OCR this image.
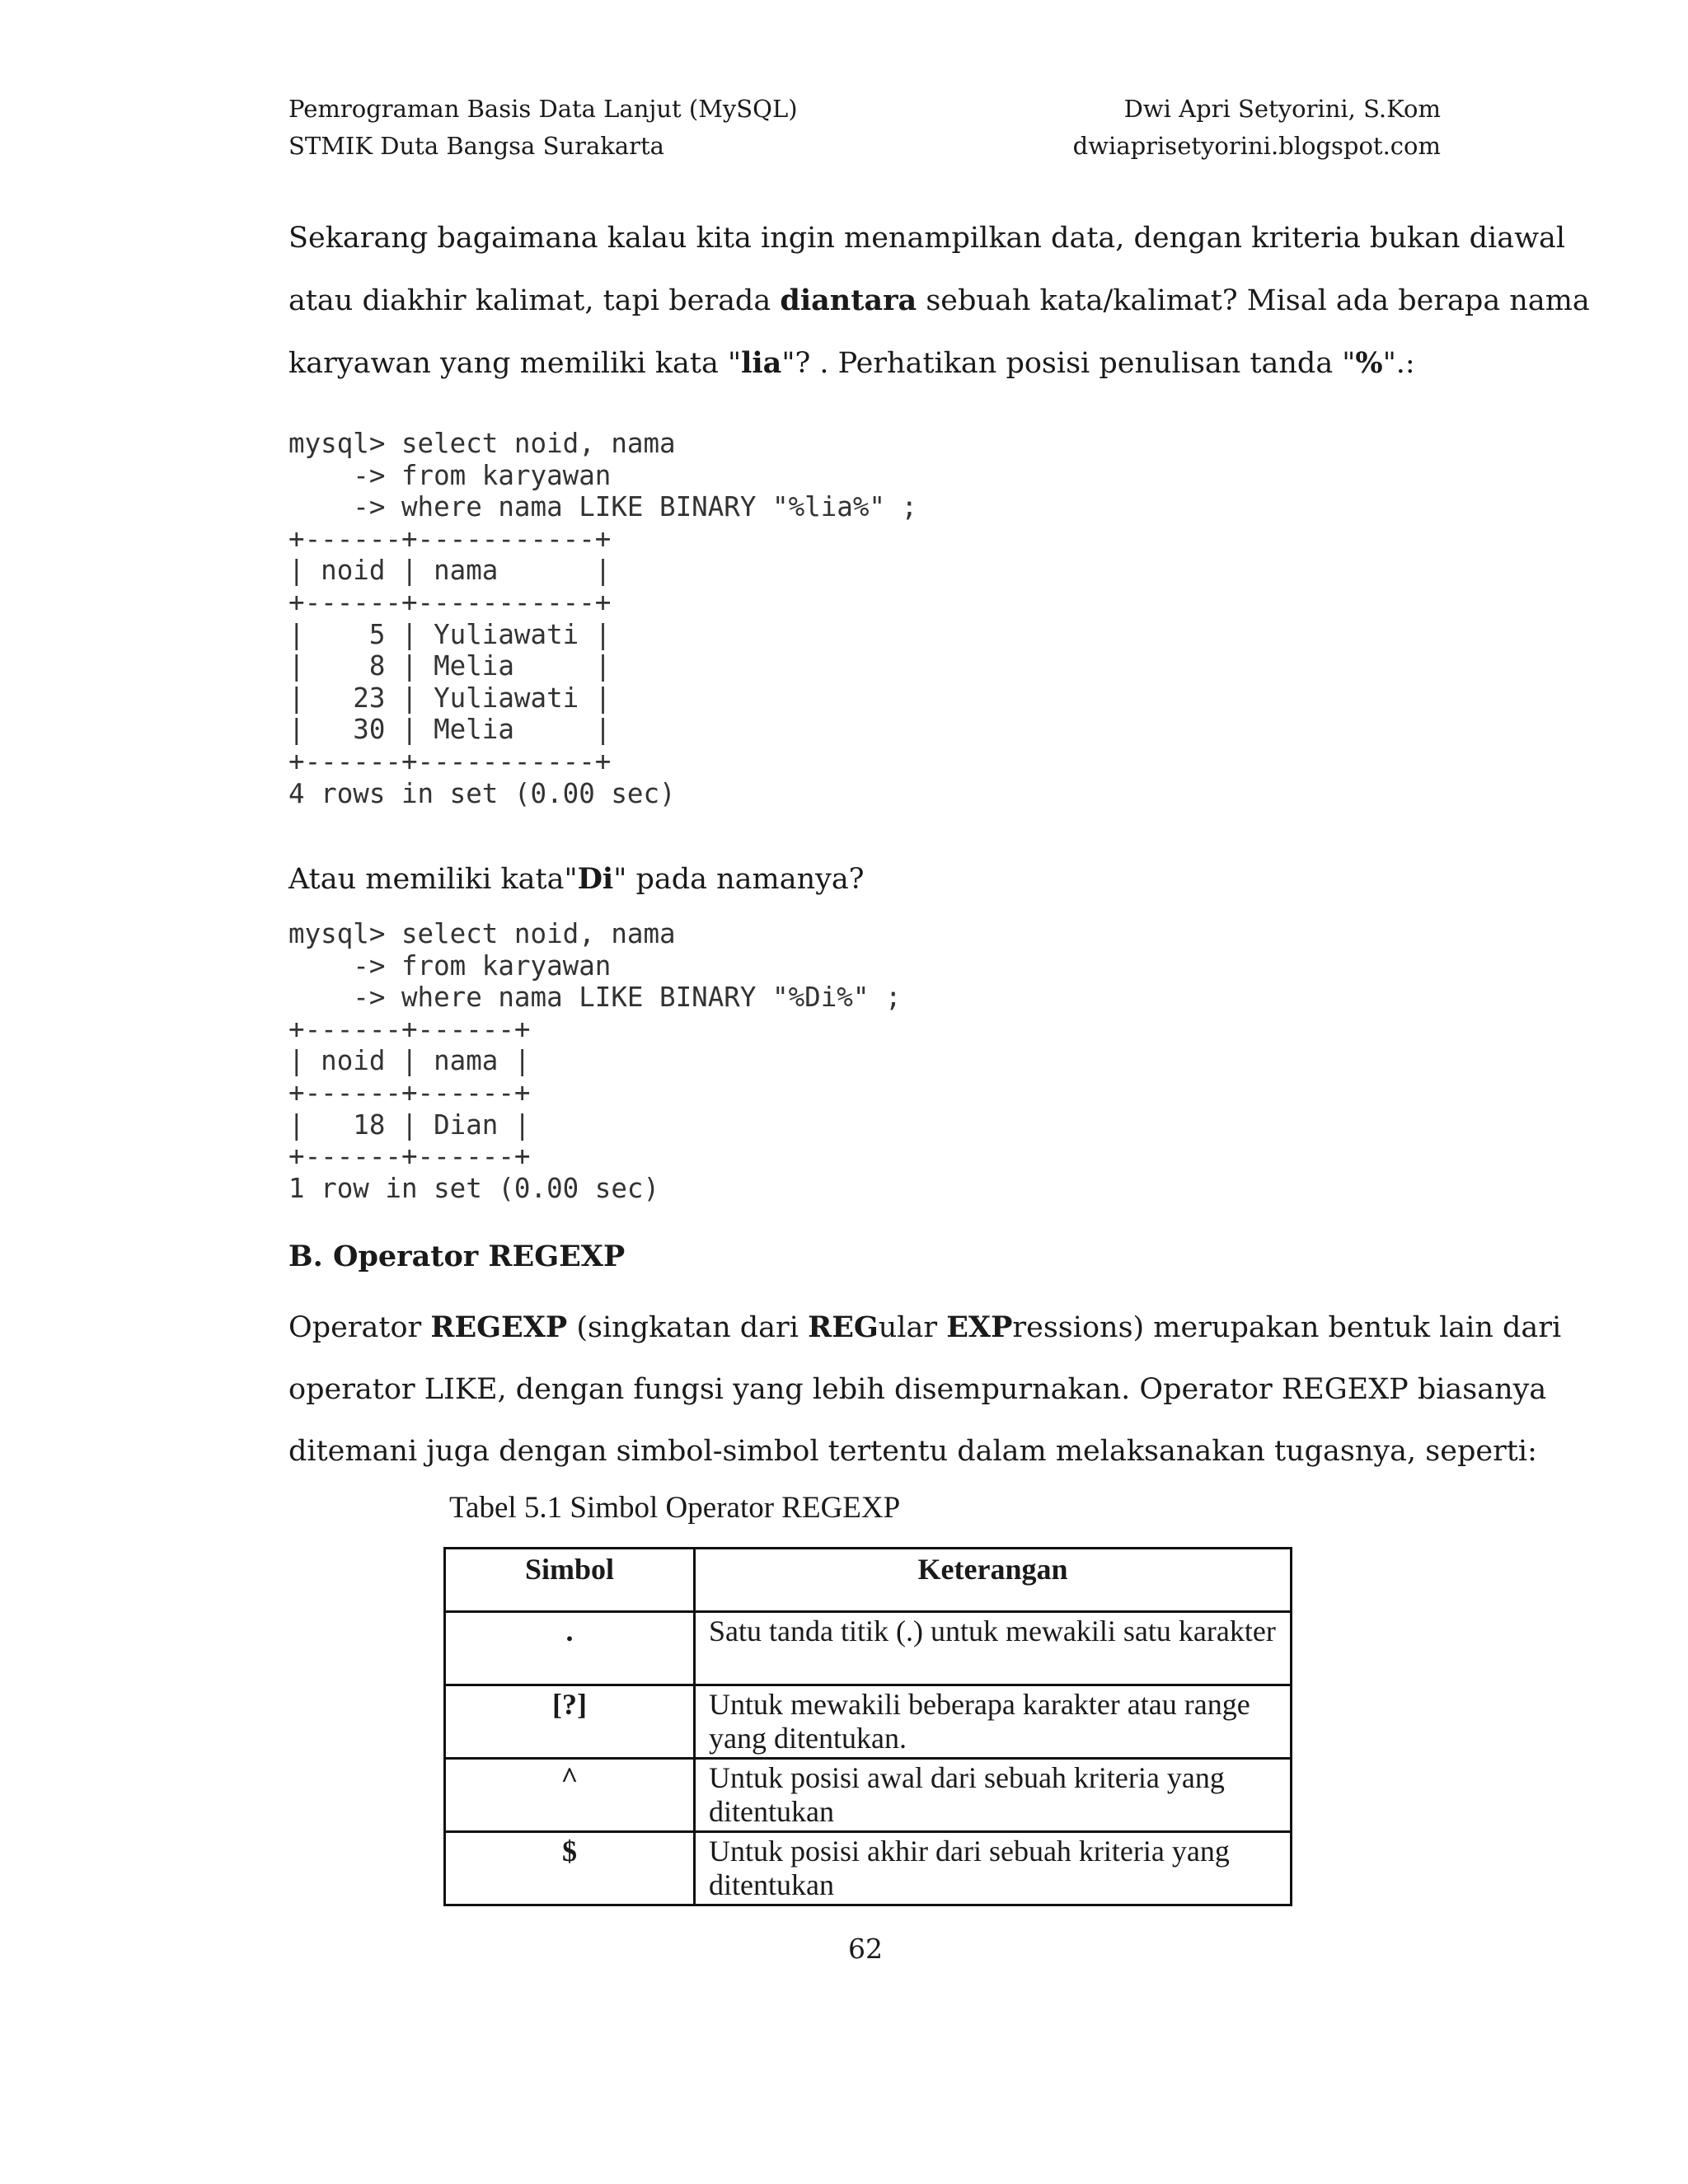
Pemrograman Basis Data Lanjut (MySQL)
STMIK Duta Bangsa Surakarta
Dwi Apri Setyorini, S.Kom
dwiaprisetyorini.blogspot.com
Sekarang bagaimana kalau kita ingin menampilkan data, dengan kriteria bukan diawal
atau diakhir kalimat, tapi berada diantara sebuah kata/kalimat? Misal ada berapa nama
karyawan yang memiliki kata "lia"? . Perhatikan posisi penulisan tanda "%".:
mysql> select noid, nama
-> from karyawan
-> where nama LIKE BINARY "%lia%" ;
+------+-----------+
| noid | nama      |
+------+-----------+
|    5 | Yuliawati |
|    8 | Melia     |
|   23 | Yuliawati |
|   30 | Melia     |
+------+-----------+
4 rows in set (0.00 sec)
Atau memiliki kata"Di" pada namanya?
mysql> select noid, nama
-> from karyawan
-> where nama LIKE BINARY "%Di%" ;
+------+------+
| noid | nama |
+------+------+
|   18 | Dian |
+------+------+
1 row in set (0.00 sec)
B. Operator REGEXP
Operator REGEXP (singkatan dari REGular EXPressions) merupakan bentuk lain dari
operator LIKE, dengan fungsi yang lebih disempurnakan. Operator REGEXP biasanya
ditemani juga dengan simbol-simbol tertentu dalam melaksanakan tugasnya, seperti:
Tabel 5.1 Simbol Operator REGEXP
Simbol	Keterangan
.	Satu tanda titik (.) untuk mewakili satu karakter
[?]	Untuk mewakili beberapa karakter atau range yang ditentukan.
^	Untuk posisi awal dari sebuah kriteria yang ditentukan
$	Untuk posisi akhir dari sebuah kriteria yang ditentukan
62
